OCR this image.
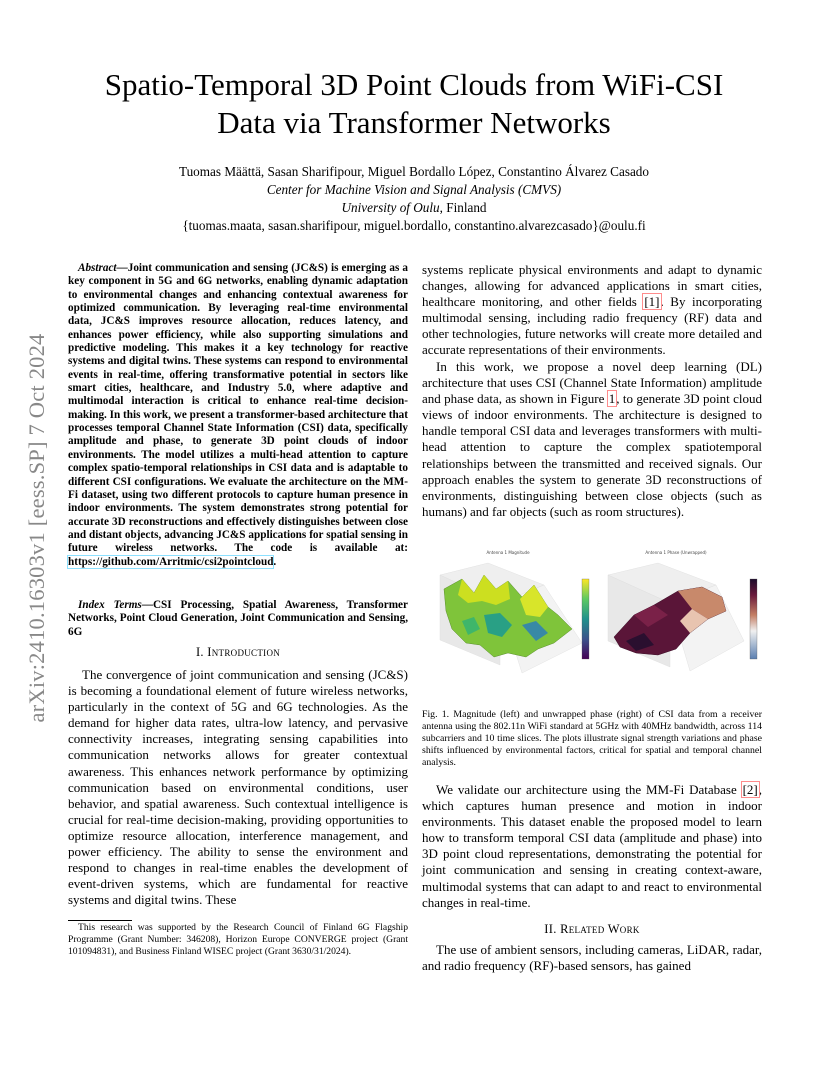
arXiv:2410.16303v1 [eess.SP] 7 Oct 2024
Spatio-Temporal 3D Point Clouds from WiFi-CSI
Data via Transformer Networks
Tuomas Määttä, Sasan Sharifipour, Miguel Bordallo López, Constantino Álvarez Casado
Center for Machine Vision and Signal Analysis (CMVS)
University of Oulu, Finland
{tuomas.maata, sasan.sharifipour, miguel.bordallo, constantino.alvarezcasado}@oulu.fi
Abstract—Joint communication and sensing (JC&S) is emerging as a key component in 5G and 6G networks, enabling dynamic adaptation to environmental changes and enhancing contextual awareness for optimized communication. By leveraging real-time environmental data, JC&S improves resource allocation, reduces latency, and enhances power efficiency, while also supporting simulations and predictive modeling. This makes it a key technology for reactive systems and digital twins. These systems can respond to environmental events in real-time, offering transformative potential in sectors like smart cities, healthcare, and Industry 5.0, where adaptive and multimodal interaction is critical to enhance real-time decision-making. In this work, we present a transformer-based architecture that processes temporal Channel State Information (CSI) data, specifically amplitude and phase, to generate 3D point clouds of indoor environments. The model utilizes a multi-head attention to capture complex spatio-temporal relationships in CSI data and is adaptable to different CSI configurations. We evaluate the architecture on the MM-Fi dataset, using two different protocols to capture human presence in indoor environments. The system demonstrates strong potential for accurate 3D reconstructions and effectively distinguishes between close and distant objects, advancing JC&S applications for spatial sensing in future wireless networks. The code is available at: https://github.com/Arritmic/csi2pointcloud.
Index Terms—CSI Processing, Spatial Awareness, Transformer Networks, Point Cloud Generation, Joint Communication and Sensing, 6G
I. Introduction
The convergence of joint communication and sensing (JC&S) is becoming a foundational element of future wireless networks, particularly in the context of 5G and 6G technologies. As the demand for higher data rates, ultra-low latency, and pervasive connectivity increases, integrating sensing capabilities into communication networks allows for greater contextual awareness. This enhances network performance by optimizing communication based on environmental conditions, user behavior, and spatial awareness. Such contextual intelligence is crucial for real-time decision-making, providing opportunities to optimize resource allocation, interference management, and power efficiency. The ability to sense the environment and respond to changes in real-time enables the development of event-driven systems, which are fundamental for reactive systems and digital twins. These
This research was supported by the Research Council of Finland 6G Flagship Programme (Grant Number: 346208), Horizon Europe CONVERGE project (Grant 101094831), and Business Finland WISEC project (Grant 3630/31/2024).
systems replicate physical environments and adapt to dynamic changes, allowing for advanced applications in smart cities, healthcare monitoring, and other fields [1]. By incorporating multimodal sensing, including radio frequency (RF) data and other technologies, future networks will create more detailed and accurate representations of their environments.
In this work, we propose a novel deep learning (DL) architecture that uses CSI (Channel State Information) amplitude and phase data, as shown in Figure 1, to generate 3D point cloud views of indoor environments. The architecture is designed to handle temporal CSI data and leverages transformers with multi-head attention to capture the complex spatiotemporal relationships between the transmitted and received signals. Our approach enables the system to generate 3D reconstructions of environments, distinguishing between close objects (such as humans) and far objects (such as room structures).
Antenna 1 Magnitude	Antenna 1 Phase (Unwrapped)
Fig. 1. Magnitude (left) and unwrapped phase (right) of CSI data from a receiver antenna using the 802.11n WiFi standard at 5GHz with 40MHz bandwidth, across 114 subcarriers and 10 time slices. The plots illustrate signal strength variations and phase shifts influenced by environmental factors, critical for spatial and temporal channel analysis.
We validate our architecture using the MM-Fi Database [2], which captures human presence and motion in indoor environments. This dataset enable the proposed model to learn how to transform temporal CSI data (amplitude and phase) into 3D point cloud representations, demonstrating the potential for joint communication and sensing in creating context-aware, multimodal systems that can adapt to and react to environmental changes in real-time.
II. Related Work
The use of ambient sensors, including cameras, LiDAR, radar, and radio frequency (RF)-based sensors, has gained
